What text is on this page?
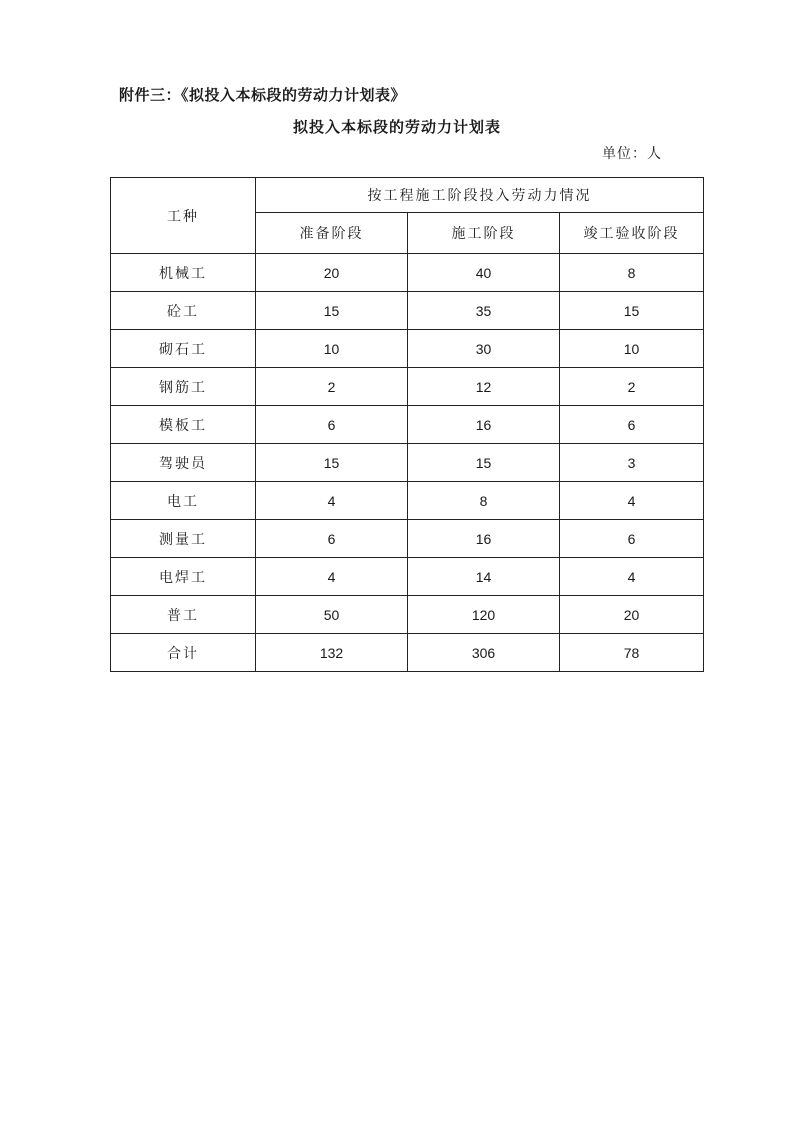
附件三：《拟投入本标段的劳动力计划表》
拟投入本标段的劳动力计划表
单位：人
工种	按工程施工阶段投入劳动力情况		
	准备阶段	施工阶段	竣工验收阶段
机械工	20	40	8
砼工	15	35	15
砌石工	10	30	10
钢筋工	2	12	2
模板工	6	16	6
驾驶员	15	15	3
电工	4	8	4
测量工	6	16	6
电焊工	4	14	4
普工	50	120	20
合计	132	306	78
